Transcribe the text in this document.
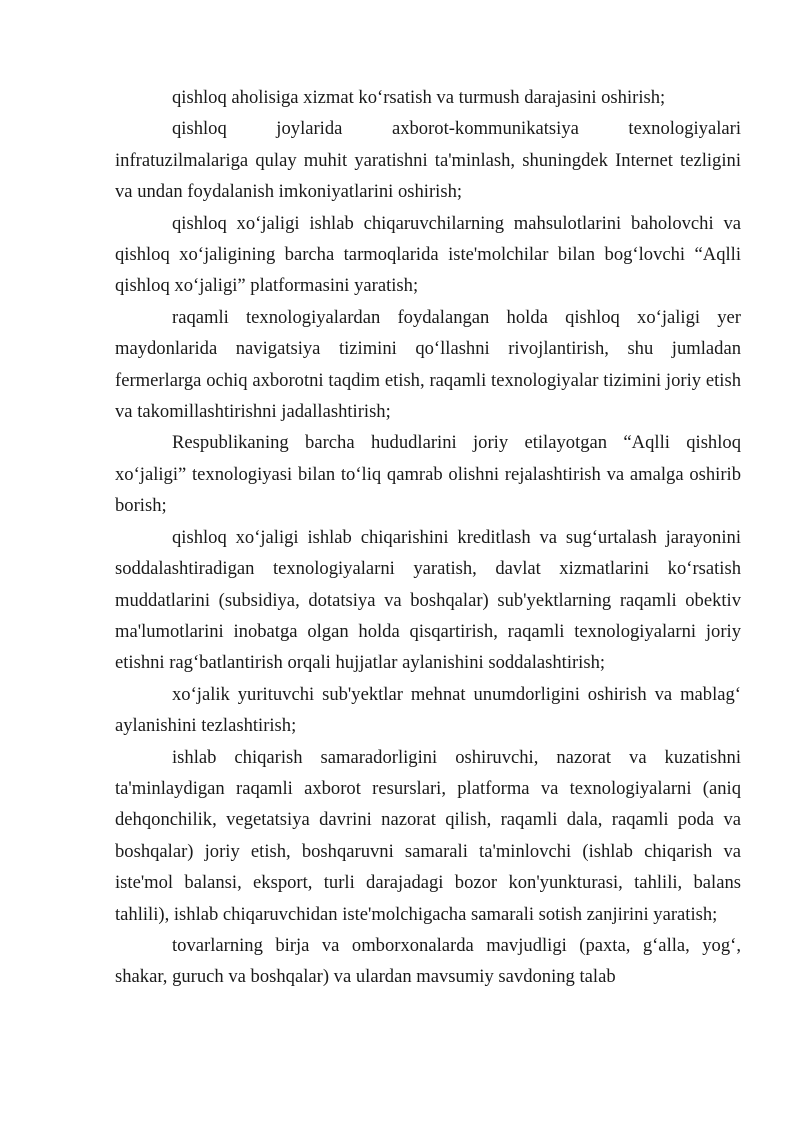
qishloq aholisiga xizmat ko‘rsatish va turmush darajasini oshirish;

qishloq joylarida axborot-kommunikatsiya texnologiyalari infratuzilmalariga qulay muhit yaratishni ta'minlash, shuningdek Internet tezligini va undan foydalanish imkoniyatlarini oshirish;

qishloq xo‘jaligi ishlab chiqaruvchilarning mahsulotlarini baholovchi va qishloq xo‘jaligining barcha tarmoqlarida iste'molchilar bilan bog‘lovchi “Aqlli qishloq xo‘jaligi” platformasini yaratish;

raqamli texnologiyalardan foydalangan holda qishloq xo‘jaligi yer maydonlarida navigatsiya tizimini qo‘llashni rivojlantirish, shu jumladan fermerlarga ochiq axborotni taqdim etish, raqamli texnologiyalar tizimini joriy etish va takomillashtirishni jadallashtirish;

Respublikaning barcha hududlarini joriy etilayotgan “Aqlli qishloq xo‘jaligi” texnologiyasi bilan to‘liq qamrab olishni rejalashtirish va amalga oshirib borish;

qishloq xo‘jaligi ishlab chiqarishini kreditlash va sug‘urtalash jarayonini soddalashtiradigan texnologiyalarni yaratish, davlat xizmatlarini ko‘rsatish muddatlarini (subsidiya, dotatsiya va boshqalar) sub'yektlarning raqamli obektiv ma'lumotlarini inobatga olgan holda qisqartirish, raqamli texnologiyalarni joriy etishni rag‘batlantirish orqali hujjatlar aylanishini soddalashtirish;

xo‘jalik yurituvchi sub'yektlar mehnat unumdorligini oshirish va mablag‘ aylanishini tezlashtirish;

ishlab chiqarish samaradorligini oshiruvchi, nazorat va kuzatishni ta'minlaydigan raqamli axborot resurslari, platforma va texnologiyalarni (aniq dehqonchilik, vegetatsiya davrini nazorat qilish, raqamli dala, raqamli poda va boshqalar) joriy etish, boshqaruvni samarali ta'minlovchi (ishlab chiqarish va iste'mol balansi, eksport, turli darajadagi bozor kon'yunkturasi, tahlili, balans tahlili), ishlab chiqaruvchidan iste'molchigacha samarali sotish zanjirini yaratish;

tovarlarning birja va omborxonalarda mavjudligi (paxta, g‘alla, yog‘, shakar, guruch va boshqalar) va ulardan mavsumiy savdoning talab
